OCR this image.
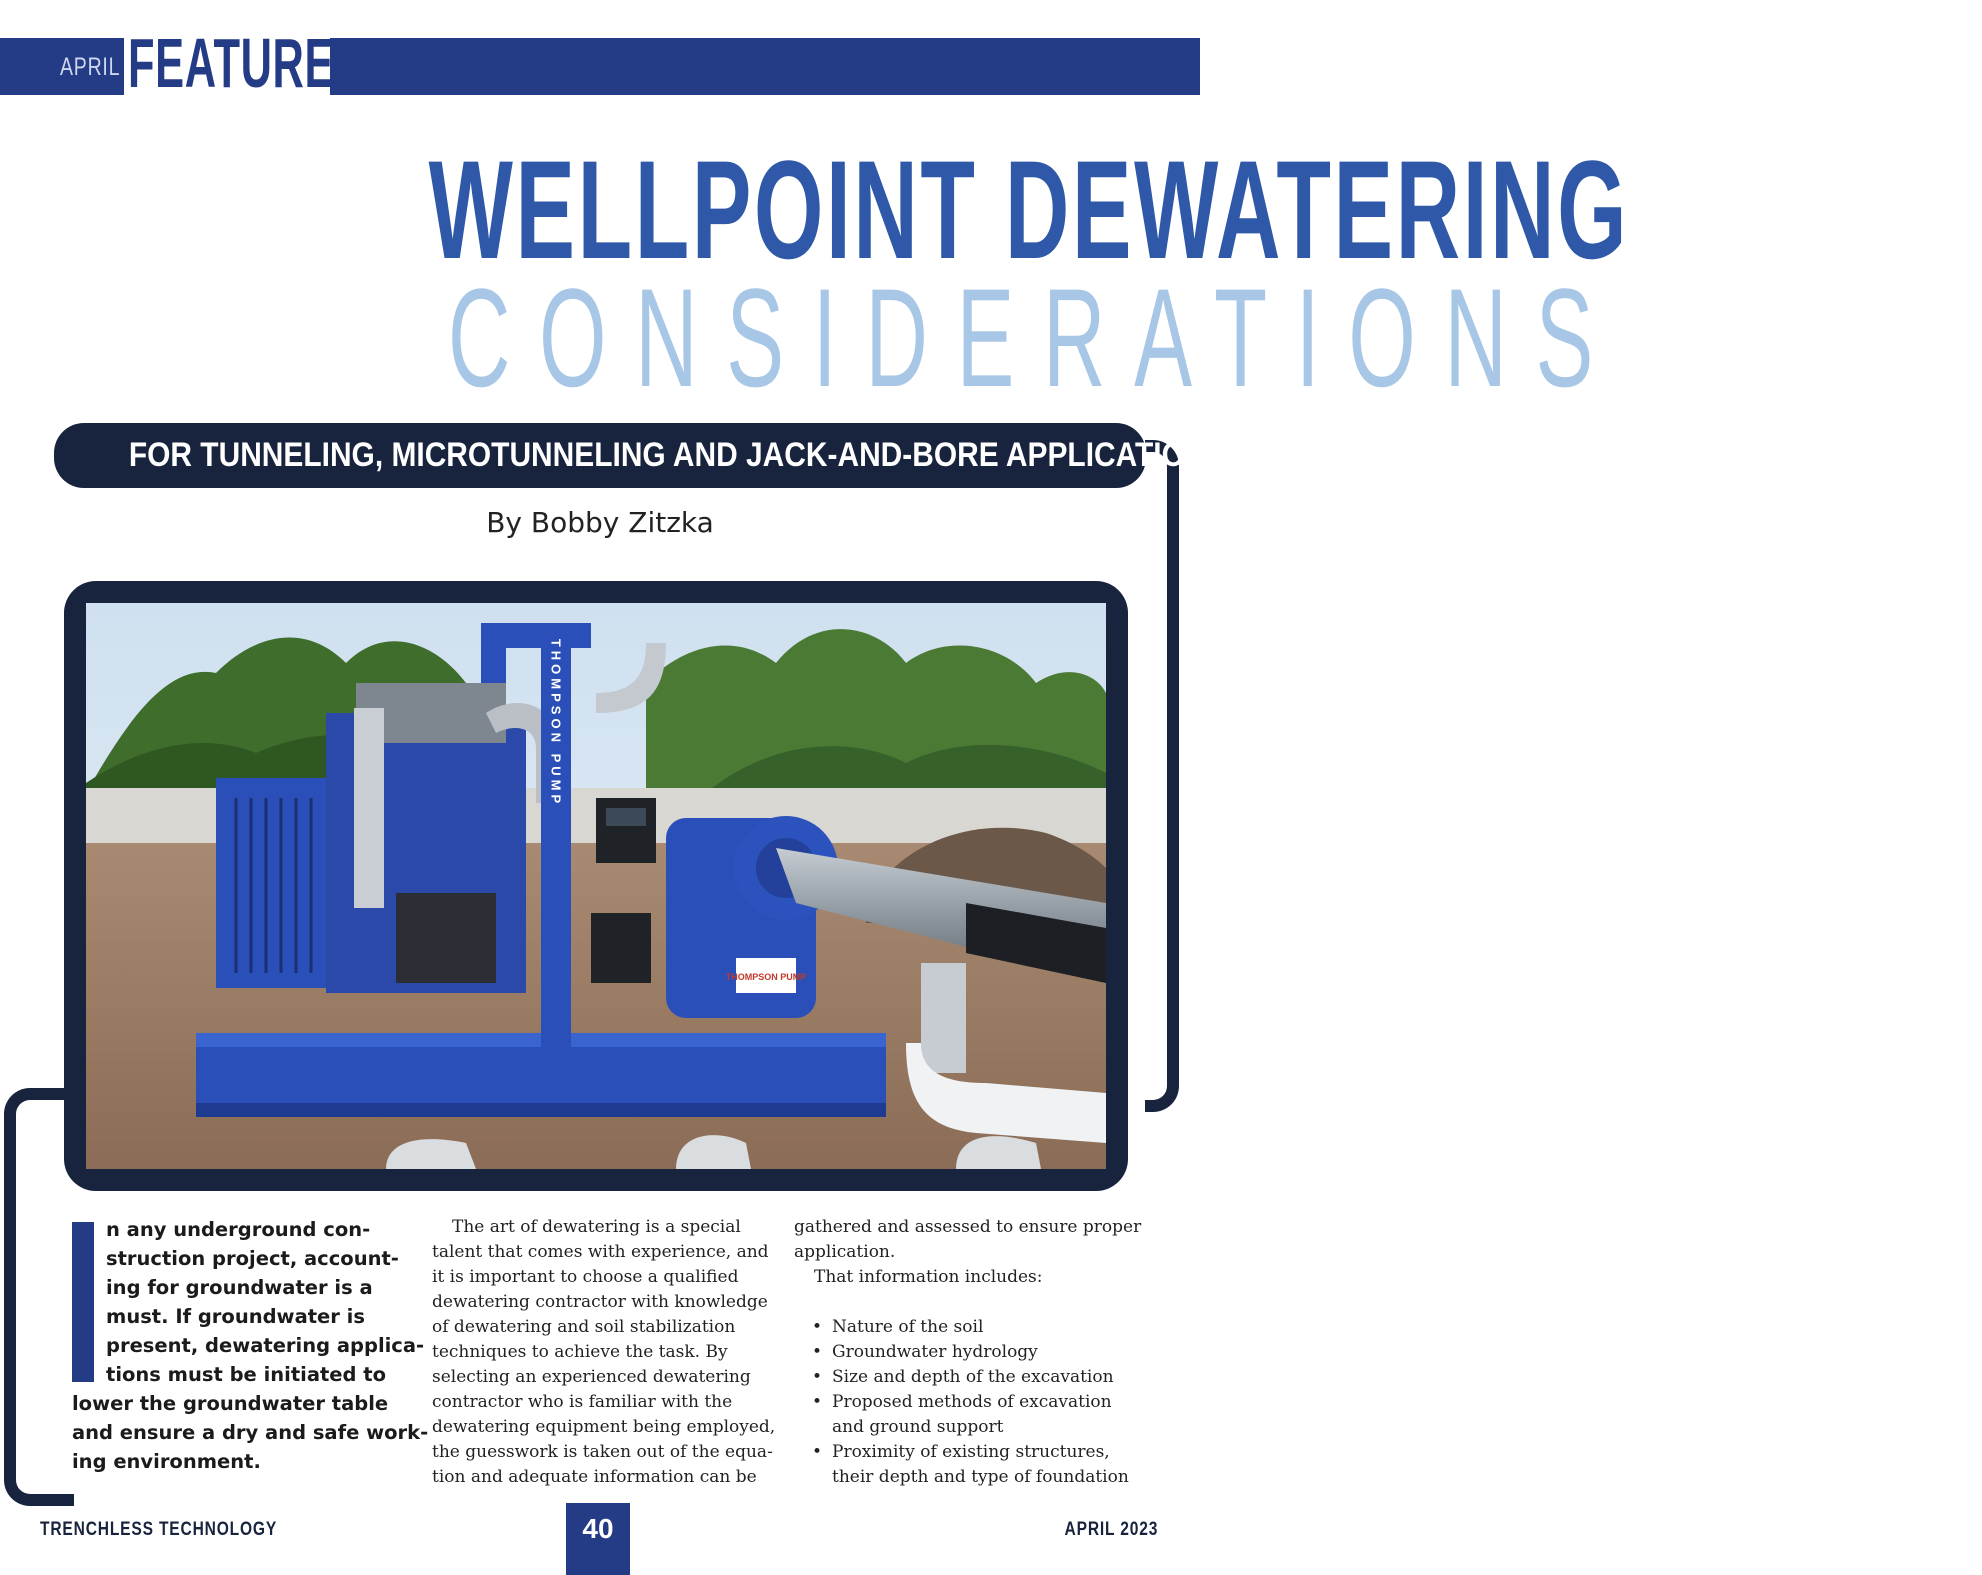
APRIL FEATURE
WELLPOINT DEWATERING
CONSIDERATIONS
FOR TUNNELING, MICROTUNNELING AND JACK-AND-BORE APPLICATIONS
By Bobby Zitzka
THOMPSON PUMP
THOMPSON PUMP
n any underground con-
struction project, account-
ing for groundwater is a
must. If groundwater is
present, dewatering applica-
tions must be initiated to
lower the groundwater table
and ensure a dry and safe work-
ing environment.
The art of dewatering is a special
talent that comes with experience, and
it is important to choose a qualified
dewatering contractor with knowledge
of dewatering and soil stabilization
techniques to achieve the task. By
selecting an experienced dewatering
contractor who is familiar with the
dewatering equipment being employed,
the guesswork is taken out of the equa-
tion and adequate information can be
gathered and assessed to ensure proper
application.
That information includes:

• Nature of the soil
• Groundwater hydrology
• Size and depth of the excavation
• Proposed methods of excavation
and ground support
• Proximity of existing structures,
their depth and type of foundation
TRENCHLESS TECHNOLOGY	40	APRIL 2023
